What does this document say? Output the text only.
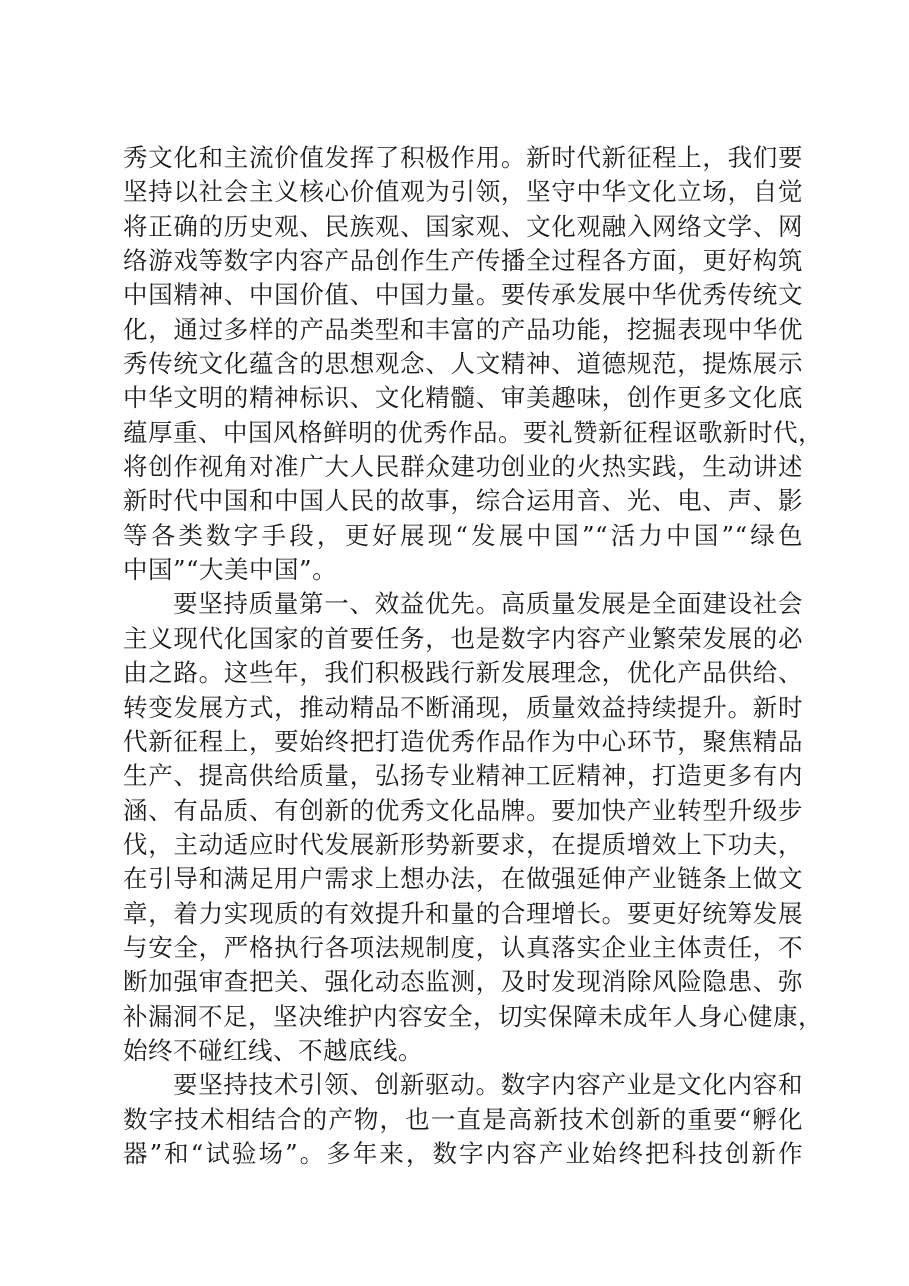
秀文化和主流价值发挥了积极作用。新时代新征程上，我们要
坚持以社会主义核心价值观为引领，坚守中华文化立场，自觉
将正确的历史观、民族观、国家观、文化观融入网络文学、网
络游戏等数字内容产品创作生产传播全过程各方面，更好构筑
中国精神、中国价值、中国力量。要传承发展中华优秀传统文
化，通过多样的产品类型和丰富的产品功能，挖掘表现中华优
秀传统文化蕴含的思想观念、人文精神、道德规范，提炼展示
中华文明的精神标识、文化精髓、审美趣味，创作更多文化底
蕴厚重、中国风格鲜明的优秀作品。要礼赞新征程讴歌新时代，
将创作视角对准广大人民群众建功创业的火热实践，生动讲述
新时代中国和中国人民的故事，综合运用音、光、电、声、影
等各类数字手段，更好展现“发展中国”“活力中国”“绿色
中国”“大美中国”。
要坚持质量第一、效益优先。高质量发展是全面建设社会
主义现代化国家的首要任务，也是数字内容产业繁荣发展的必
由之路。这些年，我们积极践行新发展理念，优化产品供给、
转变发展方式，推动精品不断涌现，质量效益持续提升。新时
代新征程上，要始终把打造优秀作品作为中心环节，聚焦精品
生产、提高供给质量，弘扬专业精神工匠精神，打造更多有内
涵、有品质、有创新的优秀文化品牌。要加快产业转型升级步
伐，主动适应时代发展新形势新要求，在提质增效上下功夫，
在引导和满足用户需求上想办法，在做强延伸产业链条上做文
章，着力实现质的有效提升和量的合理增长。要更好统筹发展
与安全，严格执行各项法规制度，认真落实企业主体责任，不
断加强审查把关、强化动态监测，及时发现消除风险隐患、弥
补漏洞不足，坚决维护内容安全，切实保障未成年人身心健康，
始终不碰红线、不越底线。
要坚持技术引领、创新驱动。数字内容产业是文化内容和
数字技术相结合的产物，也一直是高新技术创新的重要“孵化
器”和“试验场”。多年来，数字内容产业始终把科技创新作
